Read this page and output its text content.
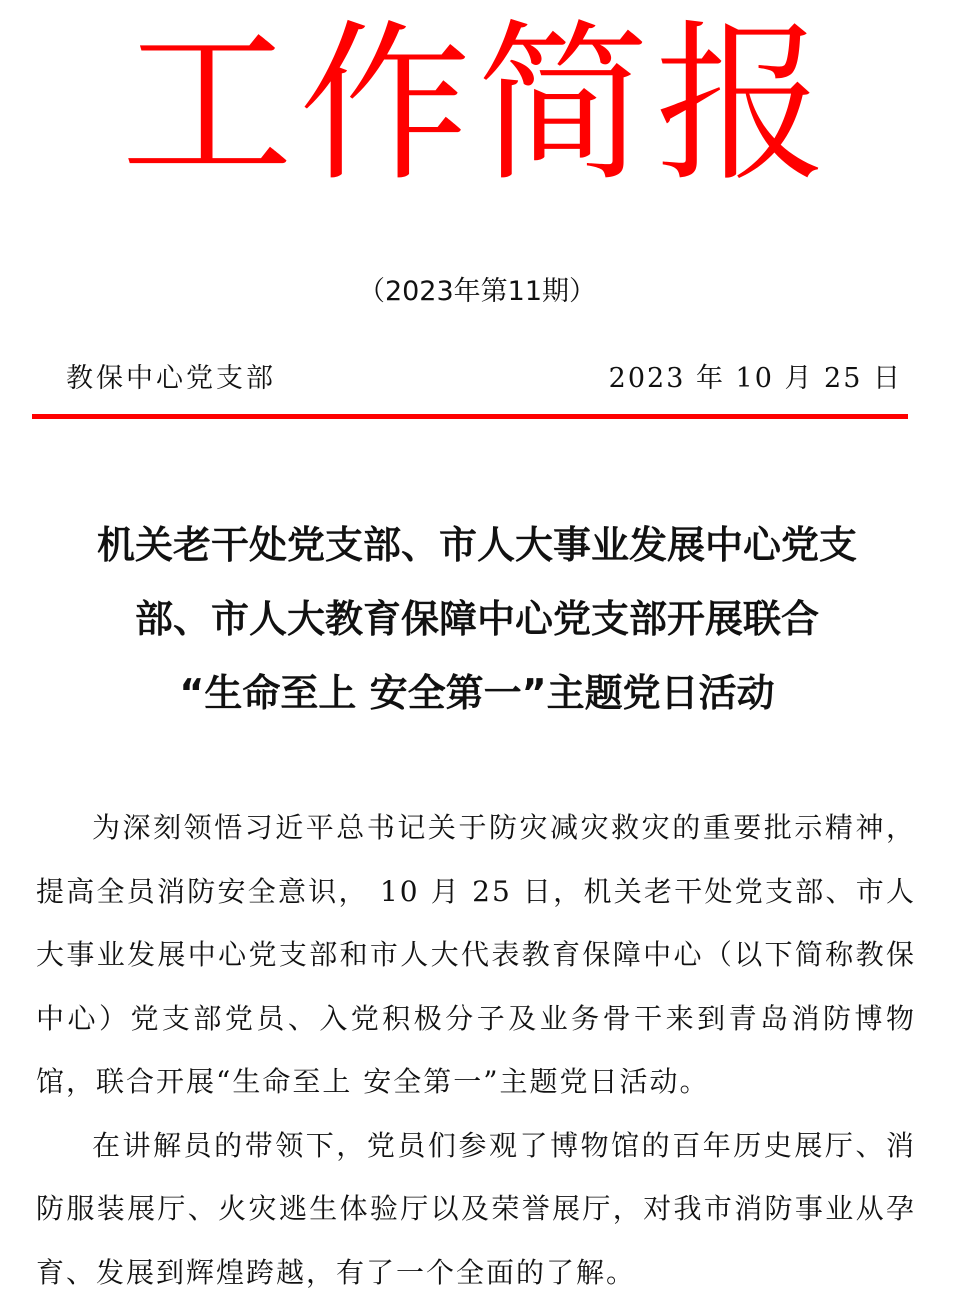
工作简报
（2023年第11期）
教保中心党支部	2023 年 10 月 25 日
机关老干处党支部、市人大事业发展中心党支
部、市人大教育保障中心党支部开展联合
“生命至上 安全第一”主题党日活动

为深刻领悟习近平总书记关于防灾减灾救灾的重要批示精神，提高全员消防安全意识， 10 月 25 日，机关老干处党支部、市人大事业发展中心党支部和市人大代表教育保障中心（以下简称教保中心）党支部党员、入党积极分子及业务骨干来到青岛消防博物馆，联合开展“生命至上 安全第一”主题党日活动。

在讲解员的带领下，党员们参观了博物馆的百年历史展厅、消防服装展厅、火灾逃生体验厅以及荣誉展厅，对我市消防事业从孕育、发展到辉煌跨越，有了一个全面的了解。
